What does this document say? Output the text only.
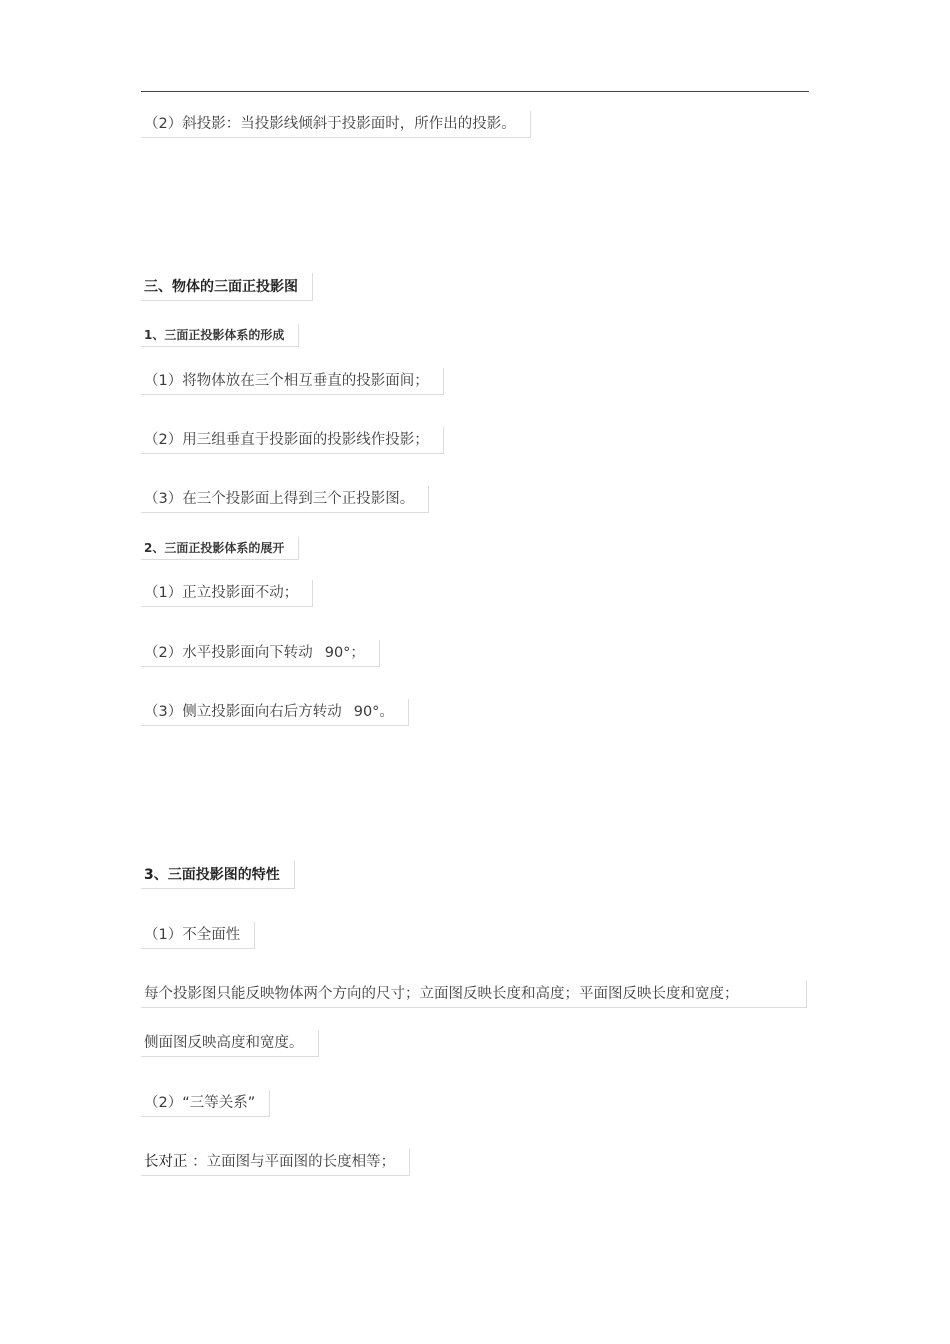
（2）斜投影：当投影线倾斜于投影面时，所作出的投影。
三、物体的三面正投影图
1、三面正投影体系的形成
（1）将物体放在三个相互垂直的投影面间；
（2）用三组垂直于投影面的投影线作投影；
（3）在三个投影面上得到三个正投影图。
2、三面正投影体系的展开
（1）正立投影面不动；
（2）水平投影面向下转动 90°；
（3）侧立投影面向右后方转动 90°。
3、三面投影图的特性
（1）不全面性
每个投影图只能反映物体两个方向的尺寸；立面图反映长度和高度；平面图反映长度和宽度；
侧面图反映高度和宽度。
（2）“三等关系”
长对正 ：立面图与平面图的长度相等；
